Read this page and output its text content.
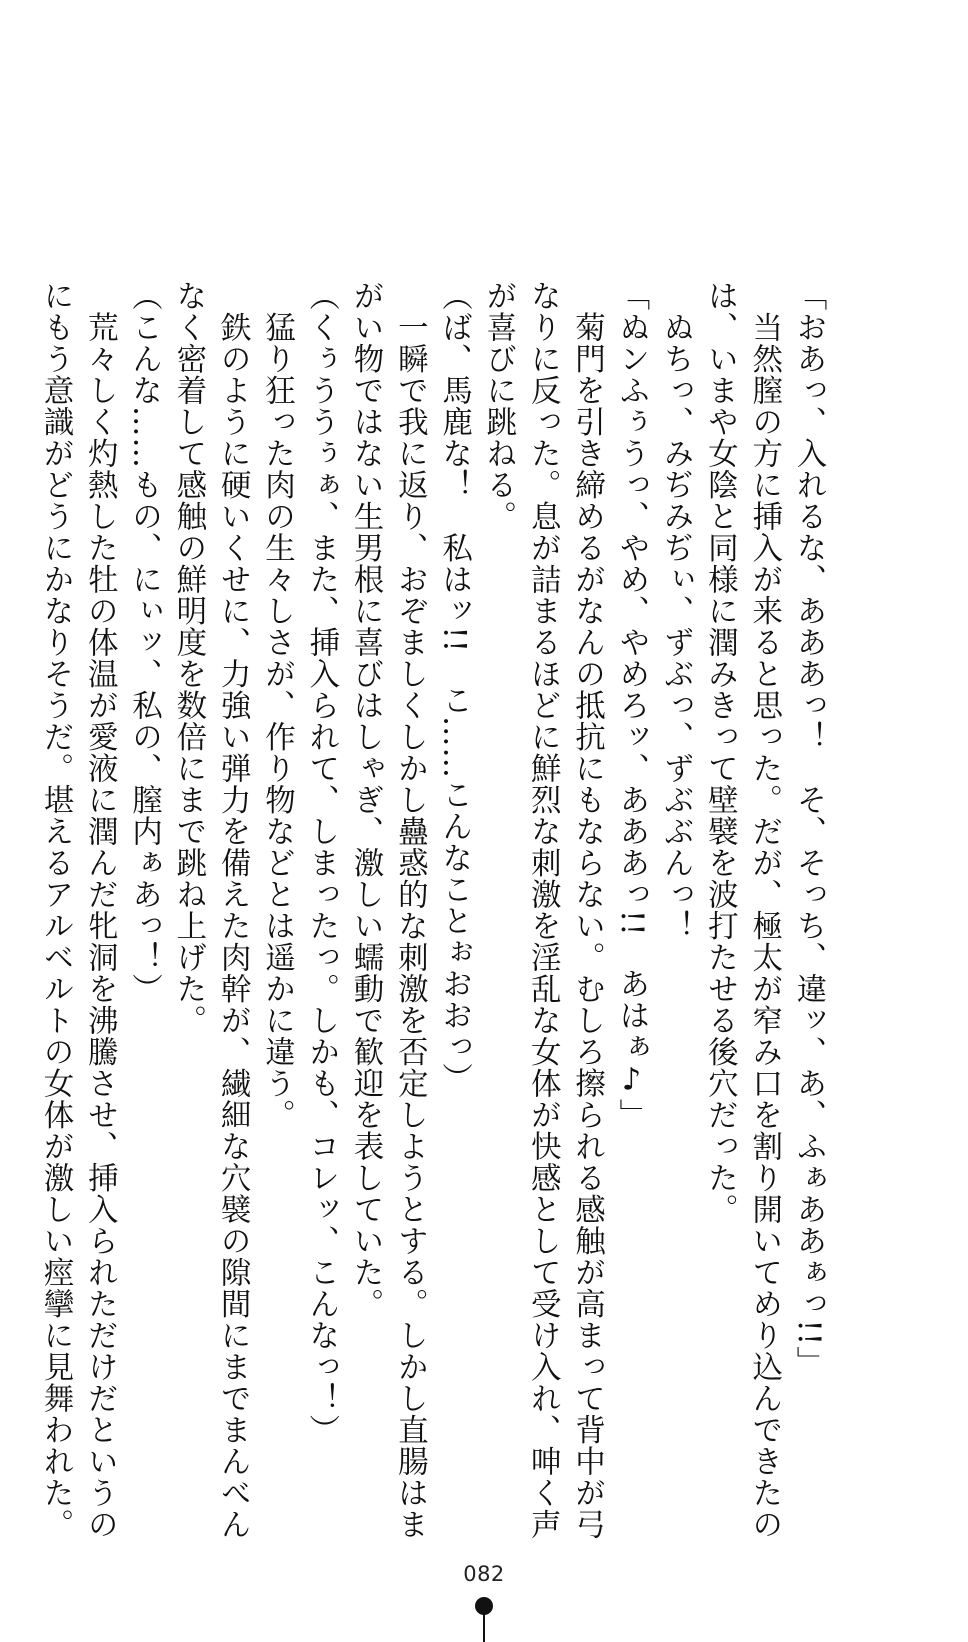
「おあっ、入れるな、あああっ！　そ、そっち、違ッ、あ、ふぁああぁっ!!」
　当然膣の方に挿入が来ると思った。だが、極太が窄み口を割り開いてめり込んできたの
は、いまや女陰と同様に潤みきって壁襞を波打たせる後穴だった。
　ぬちっ、みぢみぢぃ、ずぶっ、ずぶぶんっ！
「ぬンふぅうっ、やめ、やめろッ、あああっ!!　あはぁ♪」
　菊門を引き締めるがなんの抵抗にもならない。むしろ擦られる感触が高まって背中が弓
なりに反った。息が詰まるほどに鮮烈な刺激を淫乱な女体が快感として受け入れ、呻く声
が喜びに跳ねる。
（ば、馬鹿な！　私はッ!!　こ……こんなことぉおおっ）
　一瞬で我に返り、おぞましくしかし蠱惑的な刺激を否定しようとする。しかし直腸はま
がい物ではない生男根に喜びはしゃぎ、激しい蠕動で歓迎を表していた。
（くぅううぅぁ、また、挿入られて、しまったっ。しかも、コレッ、こんなっ！）
　猛り狂った肉の生々しさが、作り物などとは遥かに違う。
　鉄のように硬いくせに、力強い弾力を備えた肉幹が、繊細な穴襞の隙間にまでまんべん
なく密着して感触の鮮明度を数倍にまで跳ね上げた。
（こんな……もの、にぃッ、私の、膣内ぁあっ！）
　荒々しく灼熱した牡の体温が愛液に潤んだ牝洞を沸騰させ、挿入られただけだというの
にもう意識がどうにかなりそうだ。堪えるアルベルトの女体が激しい痙攣に見舞われた。
082
